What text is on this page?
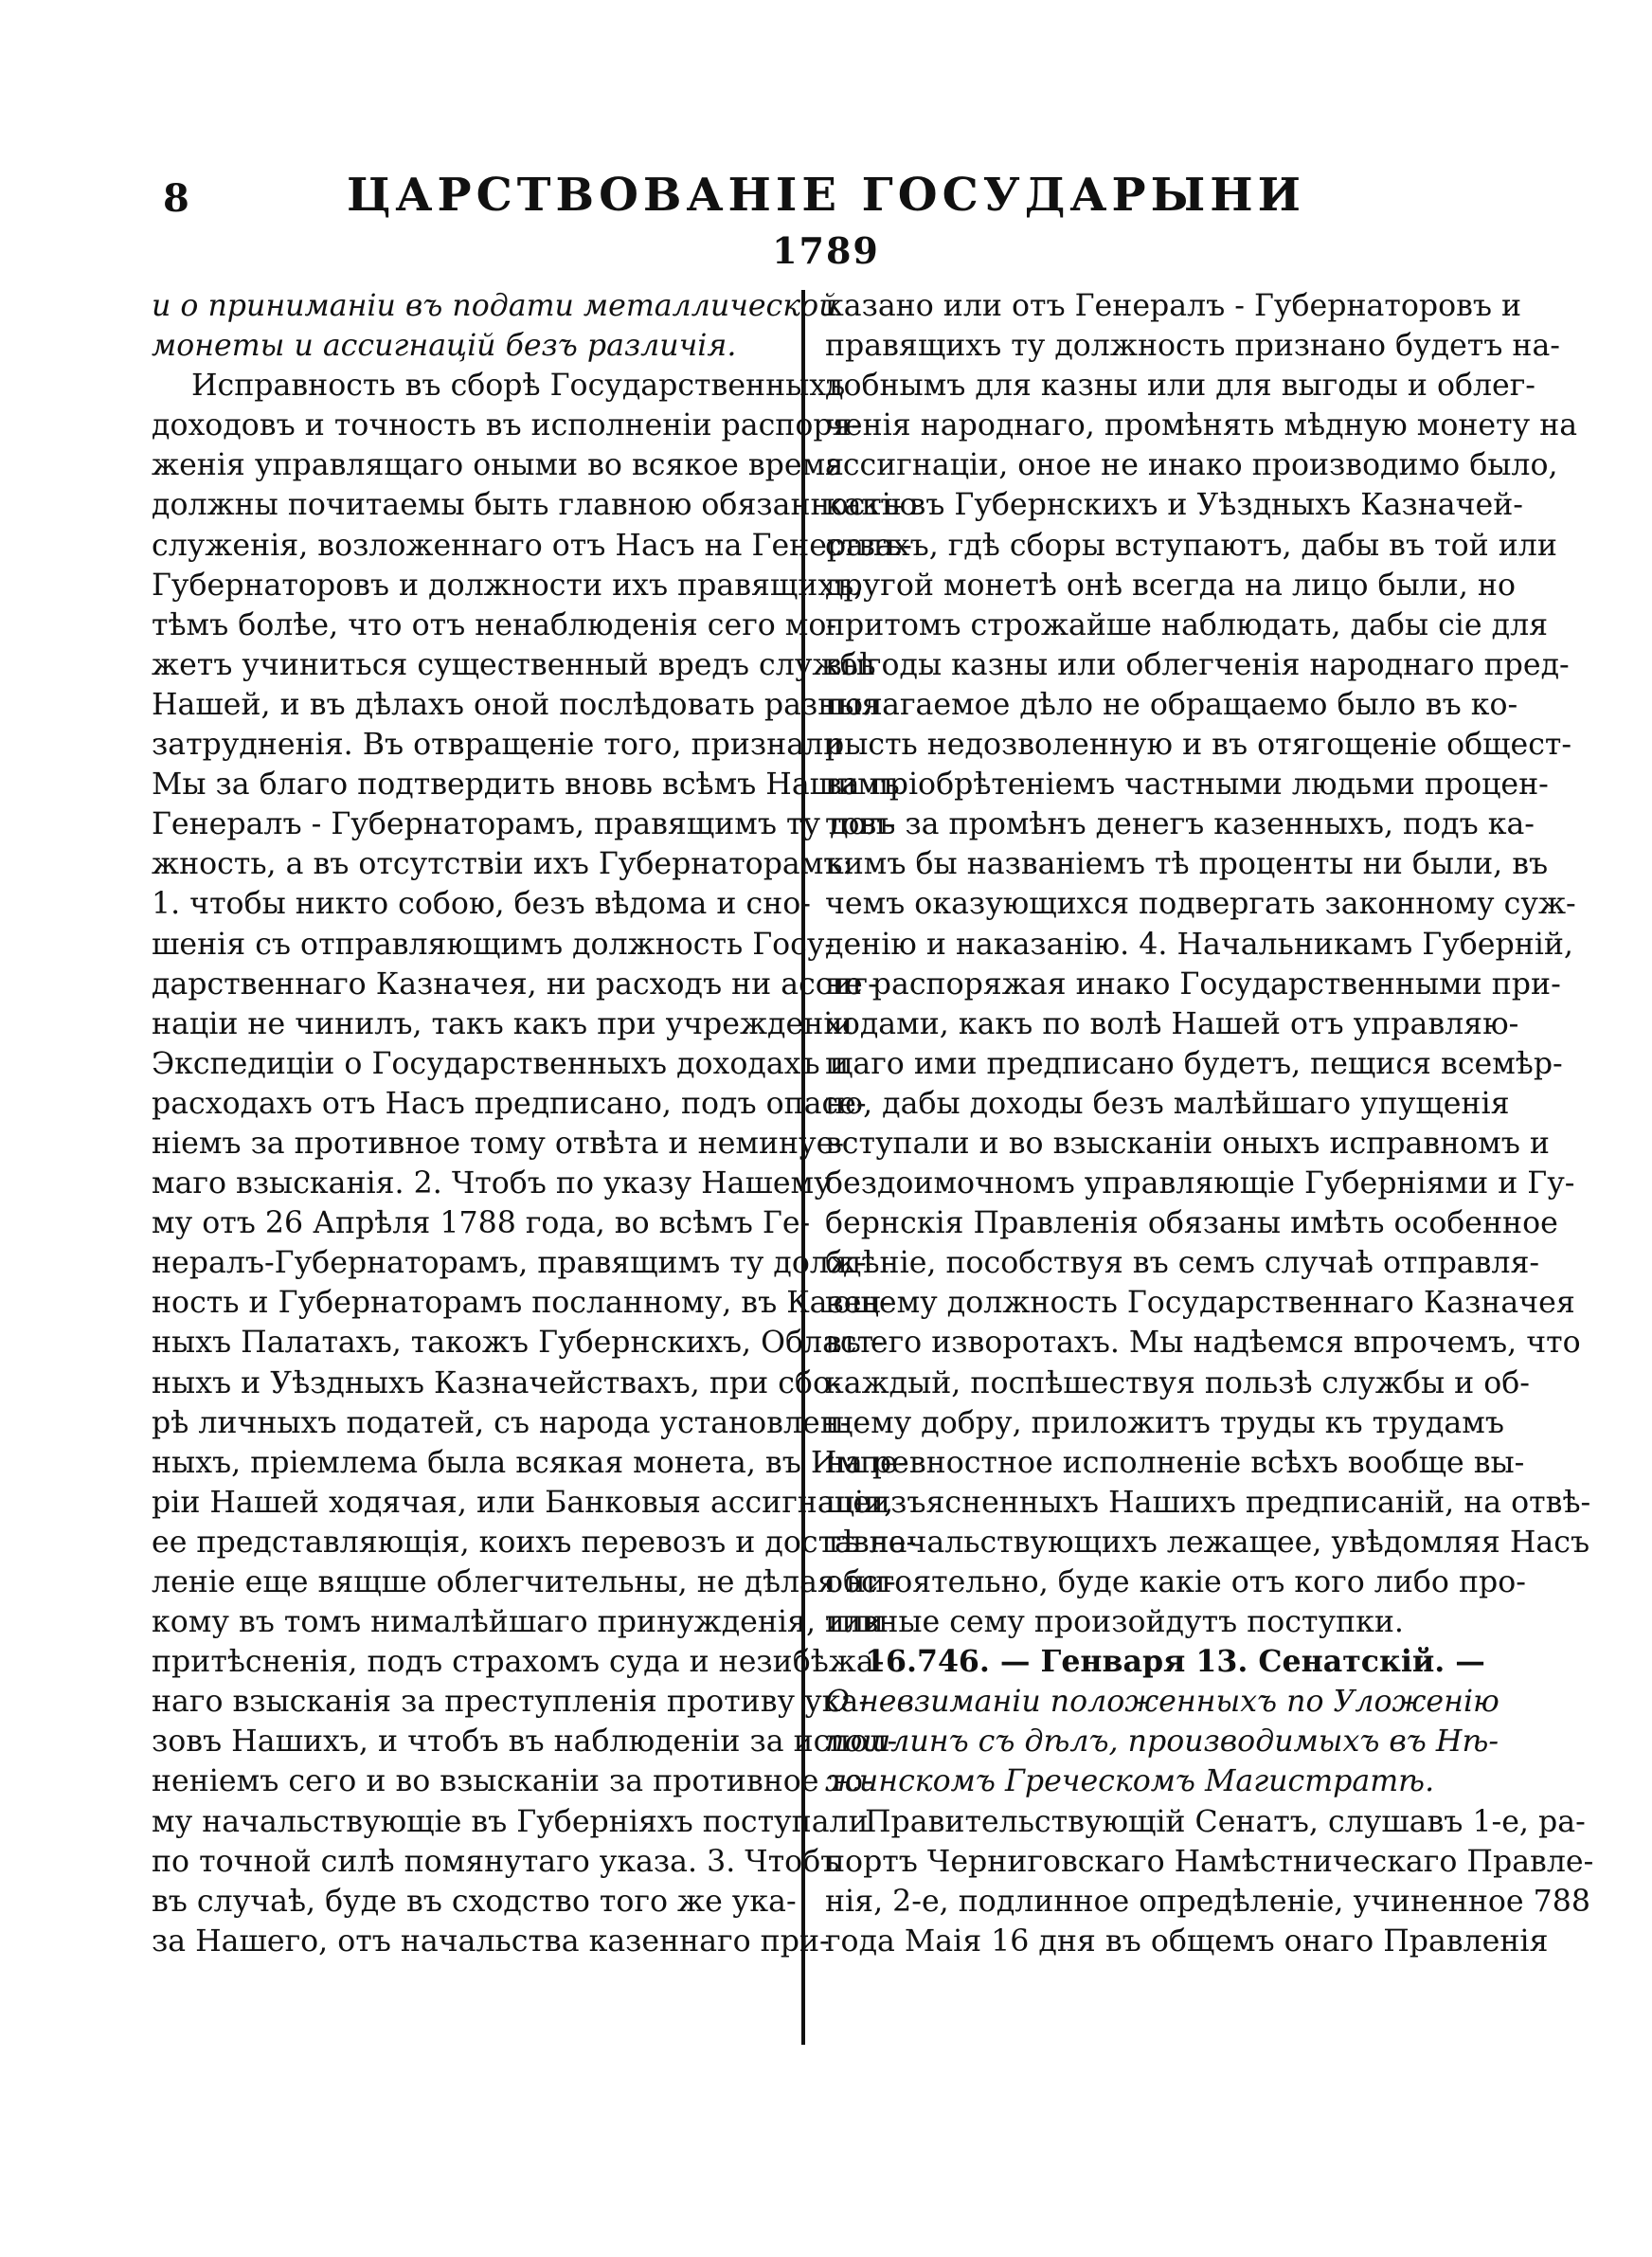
8	ЦАРСТВОВАНІЕ ГОСУДАРЫНИ
1789
и о приниманіи въ подати металлической
монеты и ассигнацій безъ различія.
Исправность въ сборѣ Государственныхъ
доходовъ и точность въ исполненіи распоря-
женія управлящаго оными во всякое время
должны почитаемы быть главною обязанностію
служенія, возложеннаго отъ Насъ на Генералъ-
Губернаторовъ и должности ихъ правящихъ,
тѣмъ болѣе, что отъ ненаблюденія сего мо-
жетъ учиниться существенный вредъ службѣ
Нашей, и въ дѣлахъ оной послѣдовать разныя
затрудненія. Въ отвращеніе того, признали
Мы за благо подтвердить вновь всѣмъ Нашимъ
Генералъ - Губернаторамъ, правящимъ ту дол-
жность, а въ отсутствіи ихъ Губернаторамъ:
1. чтобы никто собою, безъ вѣдома и сно-
шенія съ отправляющимъ должность Госу-
дарственнаго Казначея, ни расходъ ни ассиг-
націи не чинилъ, такъ какъ при учрежденіи
Экспедиціи о Государственныхъ доходахъ и
расходахъ отъ Насъ предписано, подъ опасе-
ніемъ за противное тому отвѣта и неминуе-
маго взысканія. 2. Чтобъ по указу Нашему
му отъ 26 Апрѣля 1788 года, во всѣмъ Ге-
нералъ-Губернаторамъ, правящимъ ту долж-
ность и Губернаторамъ посланному, въ Казен-
ныхъ Палатахъ, такожъ Губернскихъ, Област-
ныхъ и Уѣздныхъ Казначействахъ, при сбо-
рѣ личныхъ податей, съ народа установлен-
ныхъ, пріемлема была всякая монета, въ Импе-
ріи Нашей ходячая, или Банковыя ассигнаціи,
ее представляющія, коихъ перевозъ и доставле-
леніе еще вящше облегчительны, не дѣлая ни-
кому въ томъ нималѣйшаго принужденія, или
притѣсненія, подъ страхомъ суда и незибѣжа-
наго взысканія за преступленія противу ука-
зовъ Нашихъ, и чтобъ въ наблюденіи за испол-
неніемъ сего и во взысканіи за противное то-
му начальствующіе въ Губерніяхъ поступали
по точной силѣ помянутаго указа. 3. Чтобъ
въ случаѣ, буде въ сходство того же ука-
за Нашего, отъ начальства казеннаго при-
казано или отъ Генералъ - Губернаторовъ и
правящихъ ту должность признано будетъ на-
добнымъ для казны или для выгоды и облег-
ченія народнаго, промѣнять мѣдную монету на
ассигнаціи, оное не инако производимо было,
какъ въ Губернскихъ и Уѣздныхъ Казначей-
ствахъ, гдѣ сборы вступаютъ, дабы въ той или
другой монетѣ онѣ всегда на лицо были, но
притомъ строжайше наблюдать, дабы сіе для
выгоды казны или облегченія народнаго пред-
полагаемое дѣло не обращаемо было въ ко-
рысть недозволенную и въ отягощеніе общест-
ва пріобрѣтеніемъ частными людьми процен-
товъ за промѣнъ денегъ казенныхъ, подъ ка-
кимъ бы названіемъ тѣ проценты ни были, въ
чемъ оказующихся подвергать законному суж-
денію и наказанію. 4. Начальникамъ Губерній,
не распоряжая инако Государственными при-
ходами, какъ по волѣ Нашей отъ управляю-
щаго ими предписано будетъ, пещися всемѣр-
но, дабы доходы безъ малѣйшаго упущенія
вступали и во взысканіи оныхъ исправномъ и
бездоимочномъ управляющіе Губерніями и Гу-
бернскія Правленія обязаны имѣть особенное
бдѣніе, пособствуя въ семъ случаѣ отправля-
ющему должность Государственнаго Казначея
въ его изворотахъ. Мы надѣемся впрочемъ, что
каждый, поспѣшествуя пользѣ службы и об-
щему добру, приложитъ труды къ трудамъ
на ревностное исполненіе всѣхъ вообще вы-
шеизъясненныхъ Нашихъ предписаній, на отвѣ-
тѣ начальствующихъ лежащее, увѣдомляя Насъ
обстоятельно, буде какіе отъ кого либо про-
тивные сему произойдутъ поступки.
16.746. — Генваря 13. Сенатскій. —
О невзиманіи положенныхъ по Уложенію
пошлинъ съ дѣлъ, производимыхъ въ Нѣ-
жинскомъ Греческомъ Магистратѣ.
Правительствующій Сенатъ, слушавъ 1-е, ра-
портъ Черниговскаго Намѣстническаго Правле-
нія, 2-е, подлинное опредѣленіе, учиненное 788
года Маія 16 дня въ общемъ онаго Правленія
